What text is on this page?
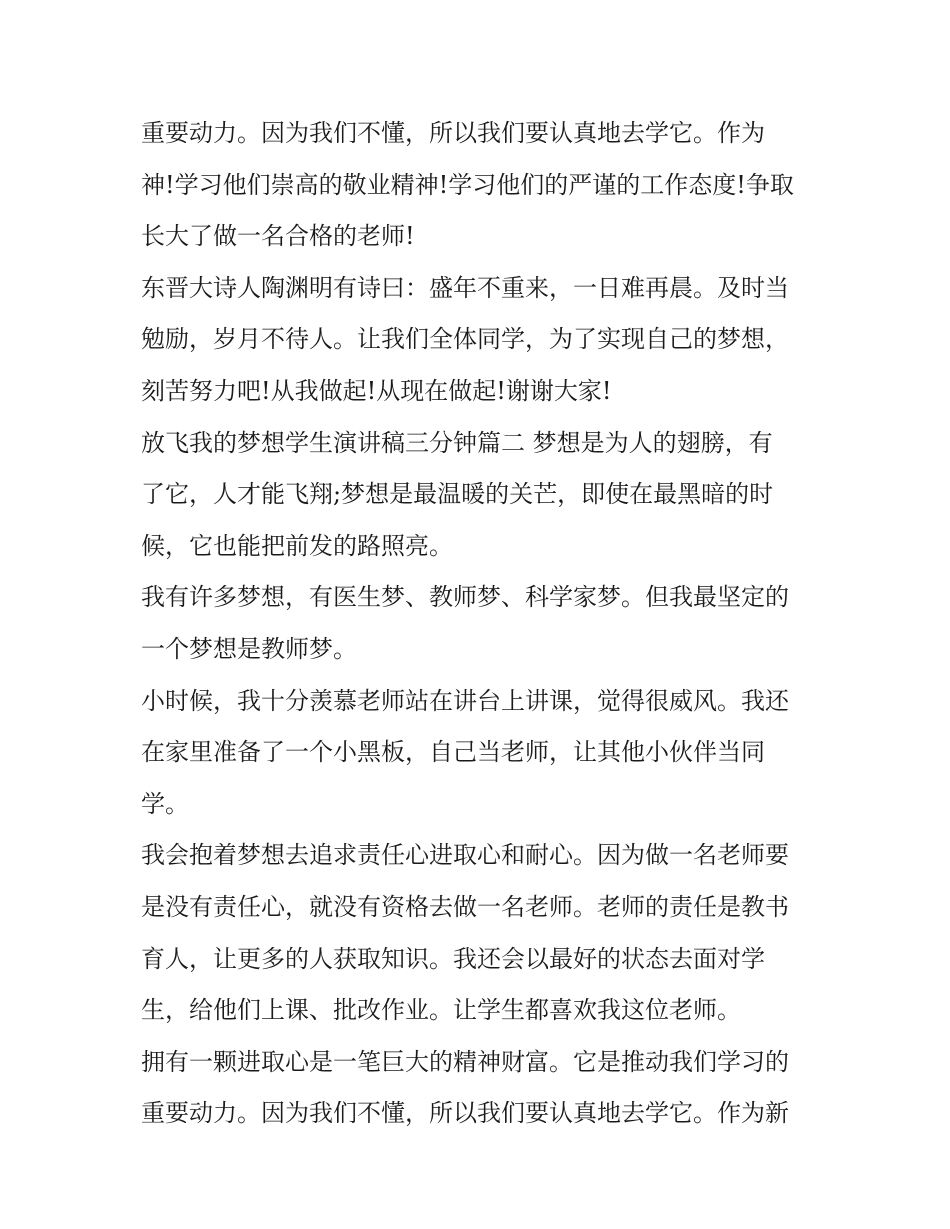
重要动力。因为我们不懂，所以我们要认真地去学它。作为
神!学习他们崇高的敬业精神!学习他们的严谨的工作态度!争取
长大了做一名合格的老师!
东晋大诗人陶渊明有诗曰：盛年不重来，一日难再晨。及时当
勉励，岁月不待人。让我们全体同学，为了实现自己的梦想，
刻苦努力吧!从我做起!从现在做起!谢谢大家!
放飞我的梦想学生演讲稿三分钟篇二 梦想是为人的翅膀，有
了它，人才能飞翔;梦想是最温暖的关芒，即使在最黑暗的时
候，它也能把前发的路照亮。
我有许多梦想，有医生梦、教师梦、科学家梦。但我最坚定的
一个梦想是教师梦。
小时候，我十分羡慕老师站在讲台上讲课，觉得很威风。我还
在家里准备了一个小黑板，自己当老师，让其他小伙伴当同
学。
我会抱着梦想去追求责任心进取心和耐心。因为做一名老师要
是没有责任心，就没有资格去做一名老师。老师的责任是教书
育人，让更多的人获取知识。我还会以最好的状态去面对学
生，给他们上课、批改作业。让学生都喜欢我这位老师。
拥有一颗进取心是一笔巨大的精神财富。它是推动我们学习的
重要动力。因为我们不懂，所以我们要认真地去学它。作为新
